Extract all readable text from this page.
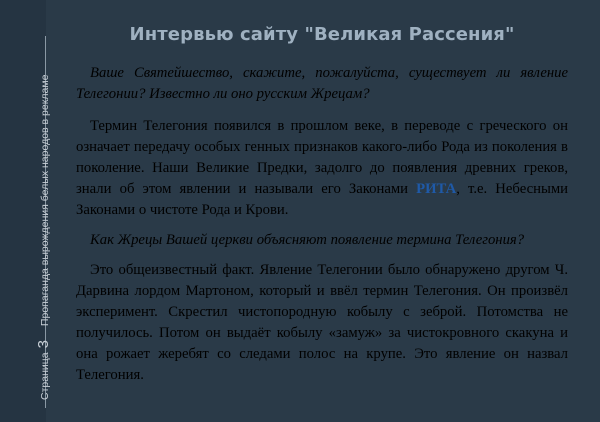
Страница
3
Пропаганда вырождения белых народов в рекламе
Интервью сайту "Великая Рассения"

Ваше Святейшество, скажите, пожалуйста, существует ли явление Телегонии? Известно ли оно русским Жрецам?

Термин Телегония появился в прошлом веке, в переводе с греческого он означает передачу особых генных признаков какого-либо Рода из поколения в поколение. Наши Великие Предки, задолго до появления древних греков, знали об этом явлении и называли его Законами РИТА, т.е. Небесными Законами о чистоте Рода и Крови.

Как Жрецы Вашей церкви объясняют появление термина Телегония?

Это общеизвестный факт. Явление Телегонии было обнаружено другом Ч. Дарвина лордом Мартоном, который и ввёл термин Телегония. Он произвёл эксперимент. Скрестил чистопородную кобылу с зеброй. Потомства не получилось. Потом он выдаёт кобылу «замуж» за чистокровного скакуна и она рожает жеребят со следами полос на крупе. Это явление он назвал Телегония.
